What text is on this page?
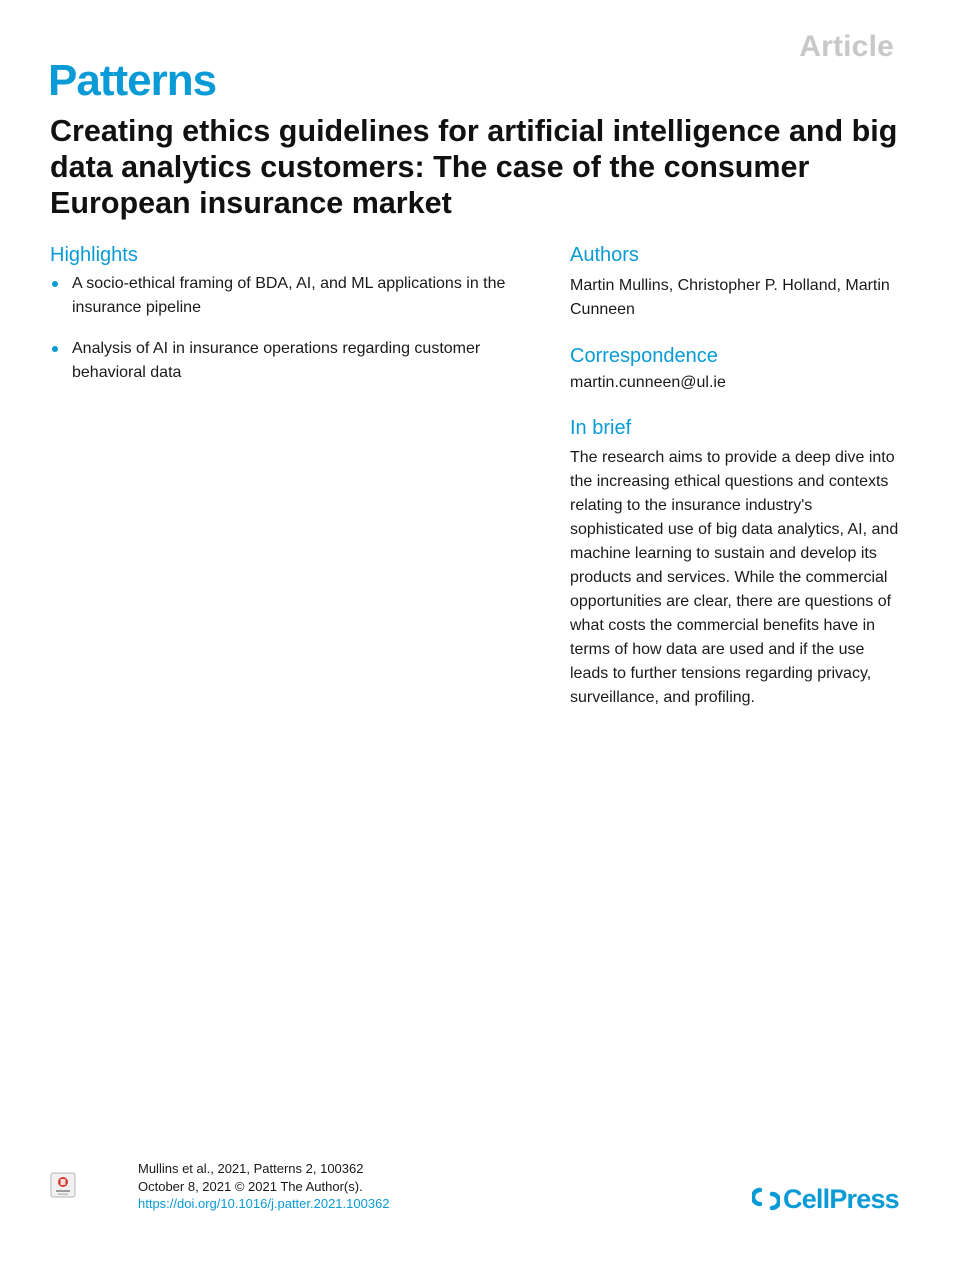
Article
Patterns
Creating ethics guidelines for artificial intelligence and big data analytics customers: The case of the consumer European insurance market
Highlights
A socio-ethical framing of BDA, AI, and ML applications in the insurance pipeline
Analysis of AI in insurance operations regarding customer behavioral data
Authors

Martin Mullins, Christopher P. Holland, Martin Cunneen

Correspondence

martin.cunneen@ul.ie

In brief

The research aims to provide a deep dive into the increasing ethical questions and contexts relating to the insurance industry's sophisticated use of big data analytics, AI, and machine learning to sustain and develop its products and services. While the commercial opportunities are clear, there are questions of what costs the commercial benefits have in terms of how data are used and if the use leads to further tensions regarding privacy, surveillance, and profiling.

Mullins et al., 2021, Patterns 2, 100362
October 8, 2021 © 2021 The Author(s).
https://doi.org/10.1016/j.patter.2021.100362	CellPress
